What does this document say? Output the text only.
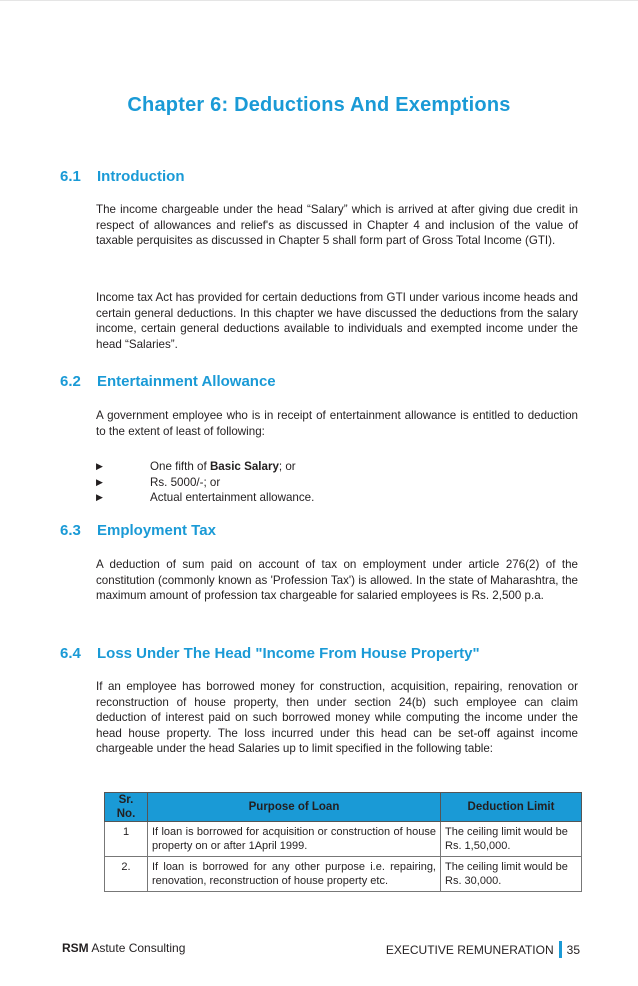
Chapter 6: Deductions And Exemptions
6.1 Introduction
The income chargeable under the head “Salary” which is arrived at after giving due credit in respect of allowances and relief's as discussed in Chapter 4 and inclusion of the value of taxable perquisites as discussed in Chapter 5 shall form part of Gross Total Income (GTI).
Income tax Act has provided for certain deductions from GTI under various income heads and certain general deductions. In this chapter we have discussed the deductions from the salary income, certain general deductions available to individuals and exempted income under the head “Salaries”.
6.2 Entertainment Allowance
A government employee who is in receipt of entertainment allowance is entitled to deduction to the extent of least of following:
▶	One fifth of Basic Salary; or
▶	Rs. 5000/-; or
▶	Actual entertainment allowance.
6.3 Employment Tax
A deduction of sum paid on account of tax on employment under article 276(2) of the constitution (commonly known as 'Profession Tax') is allowed. In the state of Maharashtra, the maximum amount of profession tax chargeable for salaried employees is Rs. 2,500 p.a.
6.4 Loss Under The Head "Income From House Property"
If an employee has borrowed money for construction, acquisition, repairing, renovation or reconstruction of house property, then under section 24(b) such employee can claim deduction of interest paid on such borrowed money while computing the income under the head house property. The loss incurred under this head can be set-off against income chargeable under the head Salaries up to limit specified in the following table:
Sr. No.	Purpose of Loan	Deduction Limit
1	If loan is borrowed for acquisition or construction of house property on or after 1April 1999.	The ceiling limit would be Rs. 1,50,000.
2.	If loan is borrowed for any other purpose i.e. repairing, renovation, reconstruction of house property etc.	The ceiling limit would be Rs. 30,000.
RSM Astute Consulting	EXECUTIVE REMUNERATION 35
